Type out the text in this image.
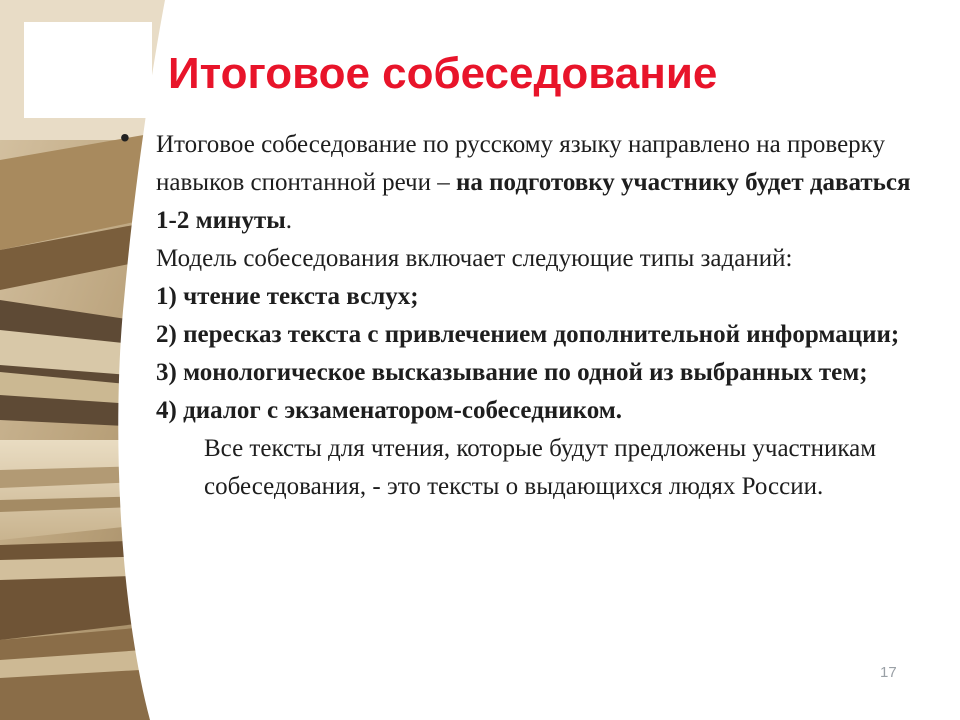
Итоговое собеседование
• Итоговое собеседование по русскому языку направлено на проверку навыков спонтанной речи – на подготовку участнику будет даваться 1-2 минуты.

Модель собеседования включает следующие типы заданий:

1) чтение текста вслух;

2) пересказ текста с привлечением дополнительной информации;

3) монологическое высказывание по одной из выбранных тем;

4) диалог с экзаменатором-собеседником.

Все тексты для чтения, которые будут предложены участникам собеседования, - это тексты о выдающихся людях России.

17
